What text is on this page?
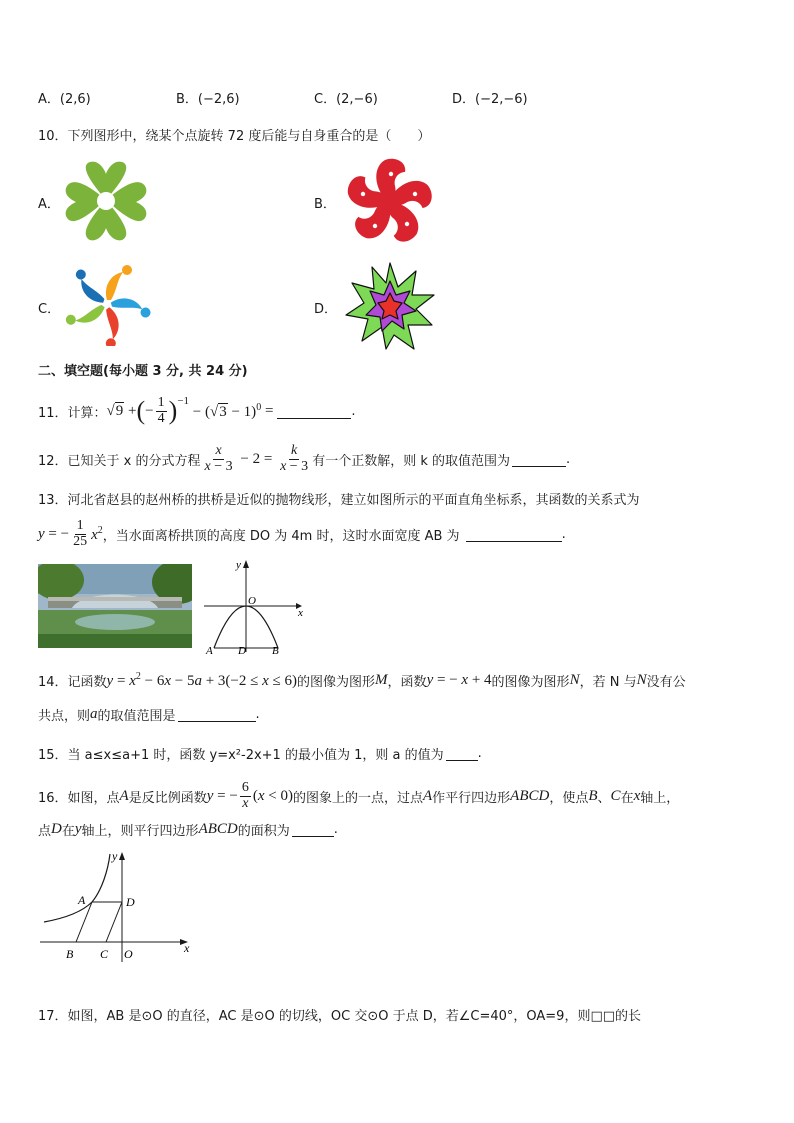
A．(2,6)	B．(−2,6)	C．(2,−6)	D．(−2,−6)
10．下列图形中，绕某个点旋转 72 度后能与自身重合的是（　　）
A．	B．
C．	D．
二、填空题(每小题 3 分, 共 24 分)
11．计算： √9 + ( − $\frac{1}{4} )^{-1}$
− $(√3 - 1)^0$ =	.
12．已知关于 x 的分式方程 $\frac{x}{x - 3} - 2 = \frac{k}{x - 3}$ 有一个正数解，则 k 的取值范围为	.
13．河北省赵县的赵州桥的拱桥是近似的抛物线形，建立如图所示的平面直角坐标系，其函数的关系式为
y = − $\frac{1}{25} x^2$ ，当水面离桥拱顶的高度 DO 为 4m 时，这时水面宽度 AB 为	.
y
x
O
A D B
14．记函数 $y = x^2 - 6x - 5a + 3(-2 \le x \le 6)$ 的图像为图形 M ，函数 y = − x + 4 的图像为图形 N ，若 N 与 N 没有公
共点，则 a 的取值范围是	.
15．当 a≤x≤a+1 时，函数 y=x²-2x+1 的最小值为 1，则 a 的值为	.
16．如图，点 A 是反比例函数 y = − $\frac{6}{x} (x < 0)$ 的图象上的一点，过点 A 作平行四边形 ABCD ，使点 B 、 C 在 x 轴上，
点 D 在 y 轴上，则平行四边形 ABCD 的面积为	.
y
x
A	D
B C O
17．如图，AB 是⊙O 的直径，AC 是⊙O 的切线，OC 交⊙O 于点 D，若∠C=40°，OA=9，则□□的长
